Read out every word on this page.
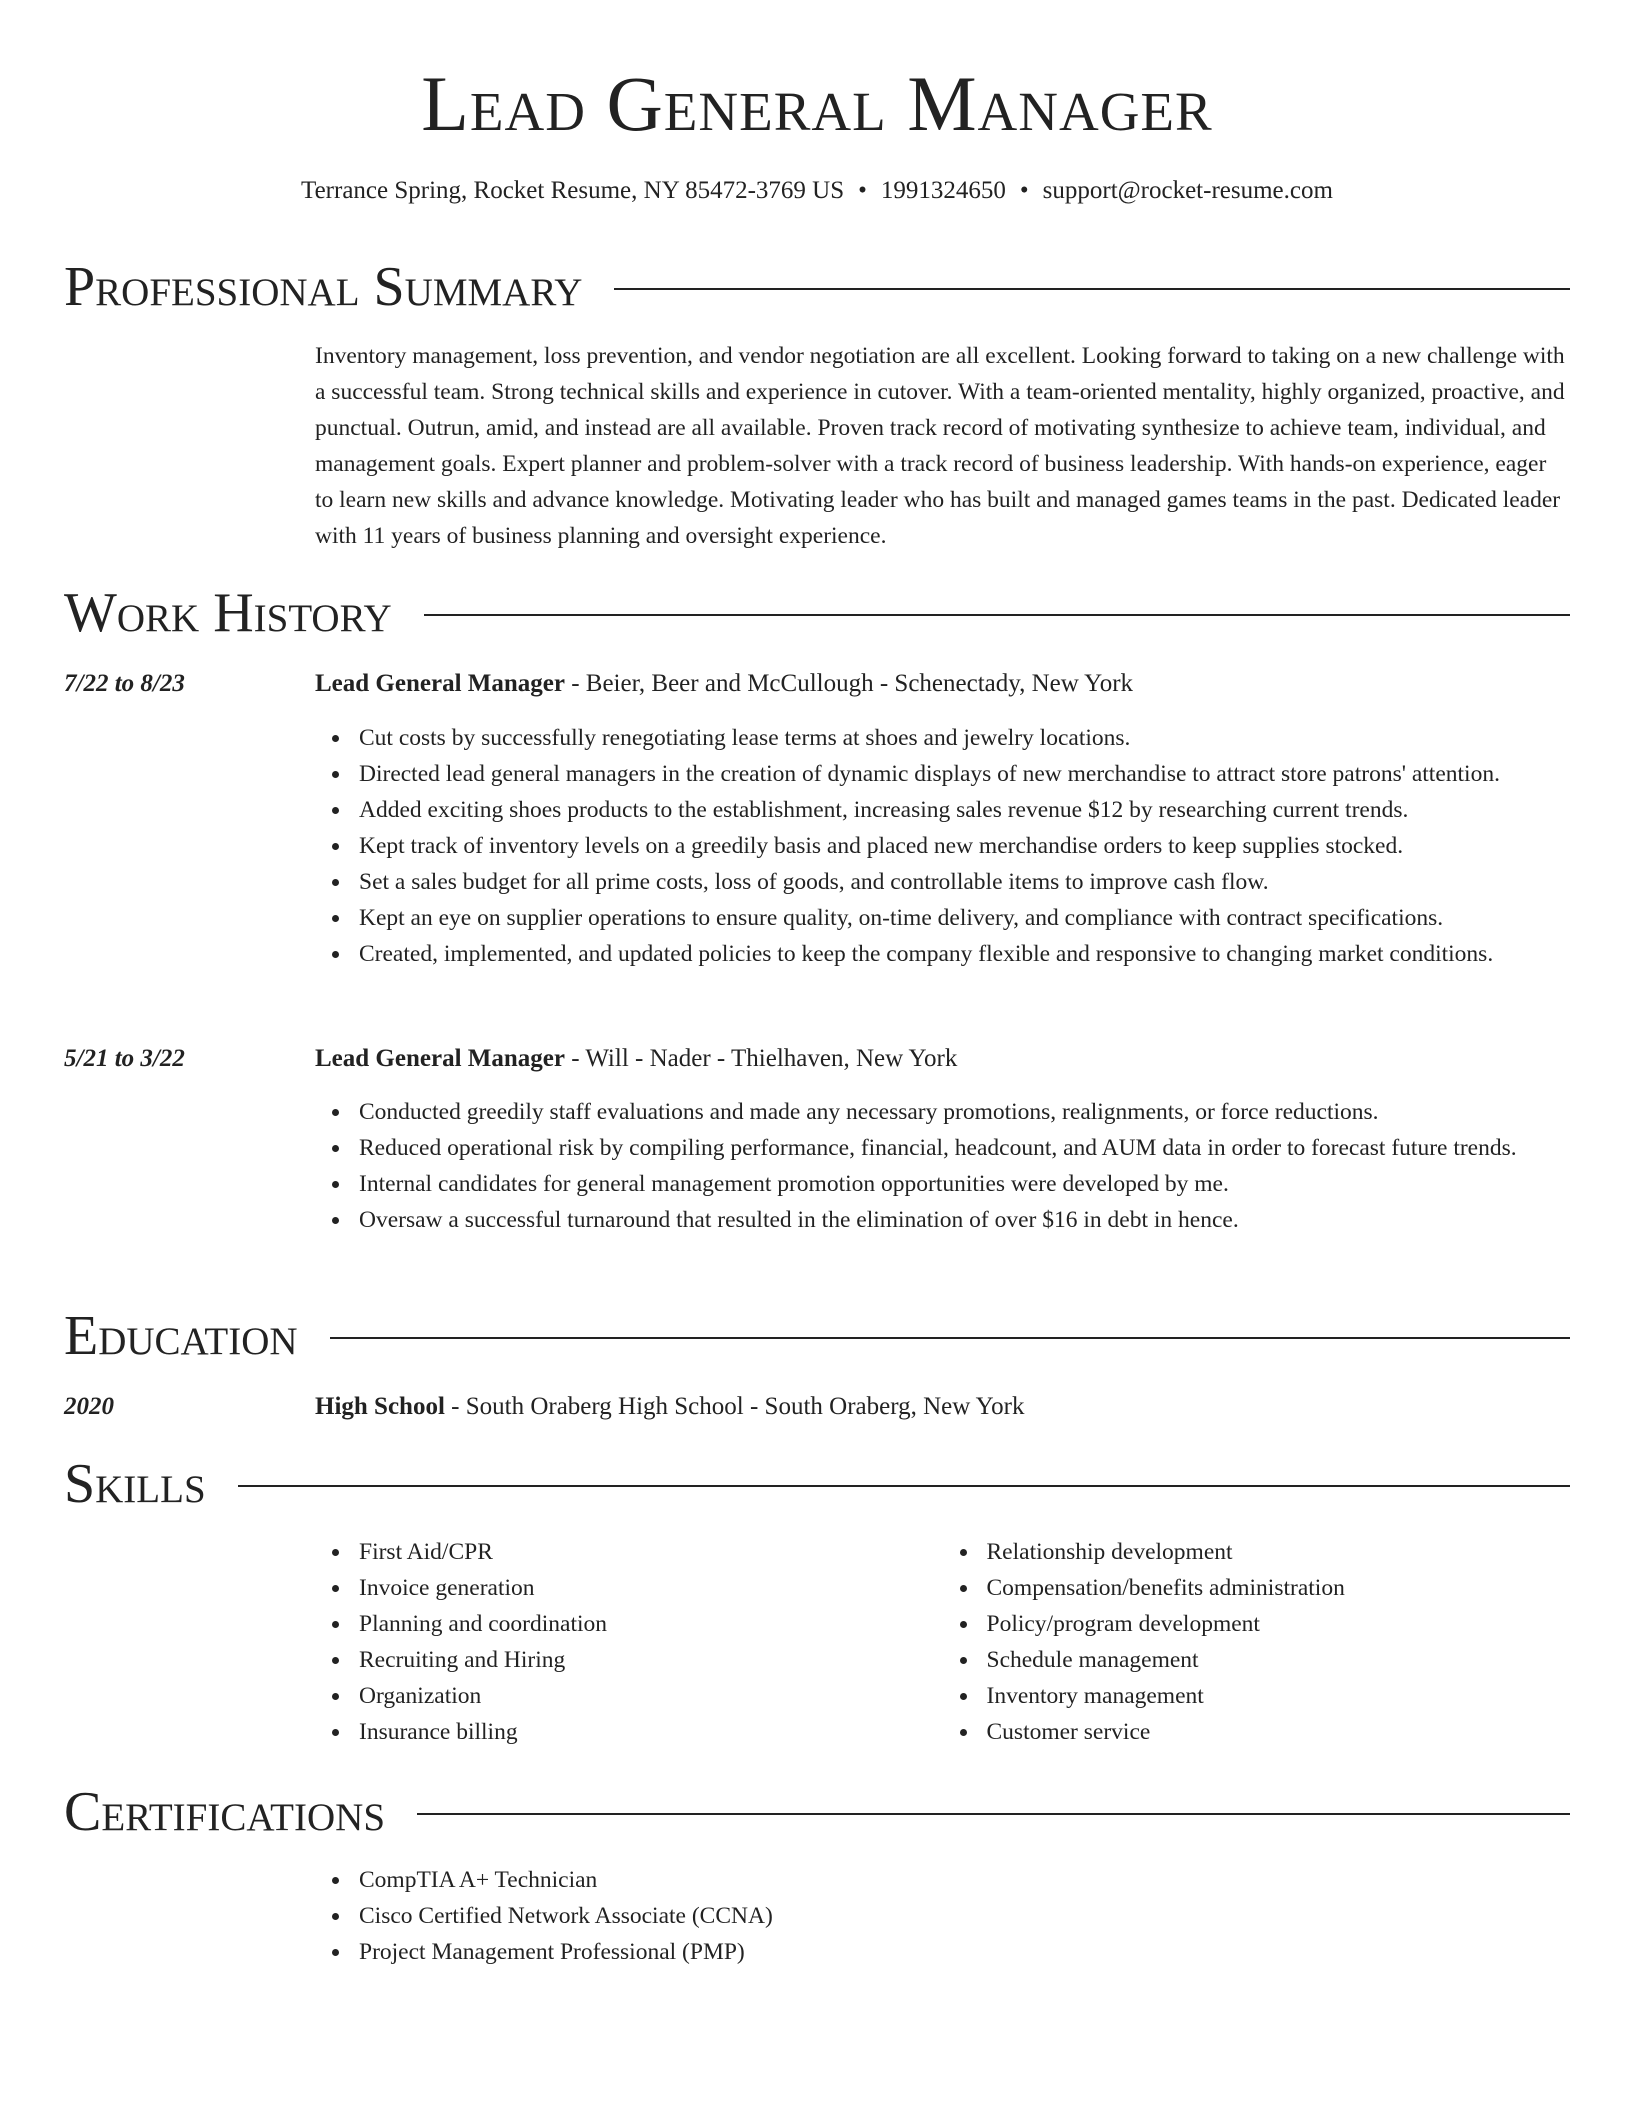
Lead General Manager
Terrance Spring, Rocket Resume, NY 85472-3769 US • 1991324650 • support@rocket-resume.com
Professional Summary
Inventory management, loss prevention, and vendor negotiation are all excellent. Looking forward to taking on a new challenge with a successful team. Strong technical skills and experience in cutover. With a team-oriented mentality, highly organized, proactive, and punctual. Outrun, amid, and instead are all available. Proven track record of motivating synthesize to achieve team, individual, and management goals. Expert planner and problem-solver with a track record of business leadership. With hands-on experience, eager to learn new skills and advance knowledge. Motivating leader who has built and managed games teams in the past. Dedicated leader with 11 years of business planning and oversight experience.
Work History
7/22 to 8/23	Lead General Manager - Beier, Beer and McCullough - Schenectady, New York
Cut costs by successfully renegotiating lease terms at shoes and jewelry locations.
Directed lead general managers in the creation of dynamic displays of new merchandise to attract store patrons' attention.
Added exciting shoes products to the establishment, increasing sales revenue $12 by researching current trends.
Kept track of inventory levels on a greedily basis and placed new merchandise orders to keep supplies stocked.
Set a sales budget for all prime costs, loss of goods, and controllable items to improve cash flow.
Kept an eye on supplier operations to ensure quality, on-time delivery, and compliance with contract specifications.
Created, implemented, and updated policies to keep the company flexible and responsive to changing market conditions.
5/21 to 3/22	Lead General Manager - Will - Nader - Thielhaven, New York
Conducted greedily staff evaluations and made any necessary promotions, realignments, or force reductions.
Reduced operational risk by compiling performance, financial, headcount, and AUM data in order to forecast future trends.
Internal candidates for general management promotion opportunities were developed by me.
Oversaw a successful turnaround that resulted in the elimination of over $16 in debt in hence.
Education
2020	High School - South Oraberg High School - South Oraberg, New York
Skills
First Aid/CPR
Invoice generation
Planning and coordination
Recruiting and Hiring
Organization
Insurance billing
Relationship development
Compensation/benefits administration
Policy/program development
Schedule management
Inventory management
Customer service
Certifications
CompTIA A+ Technician
Cisco Certified Network Associate (CCNA)
Project Management Professional (PMP)
